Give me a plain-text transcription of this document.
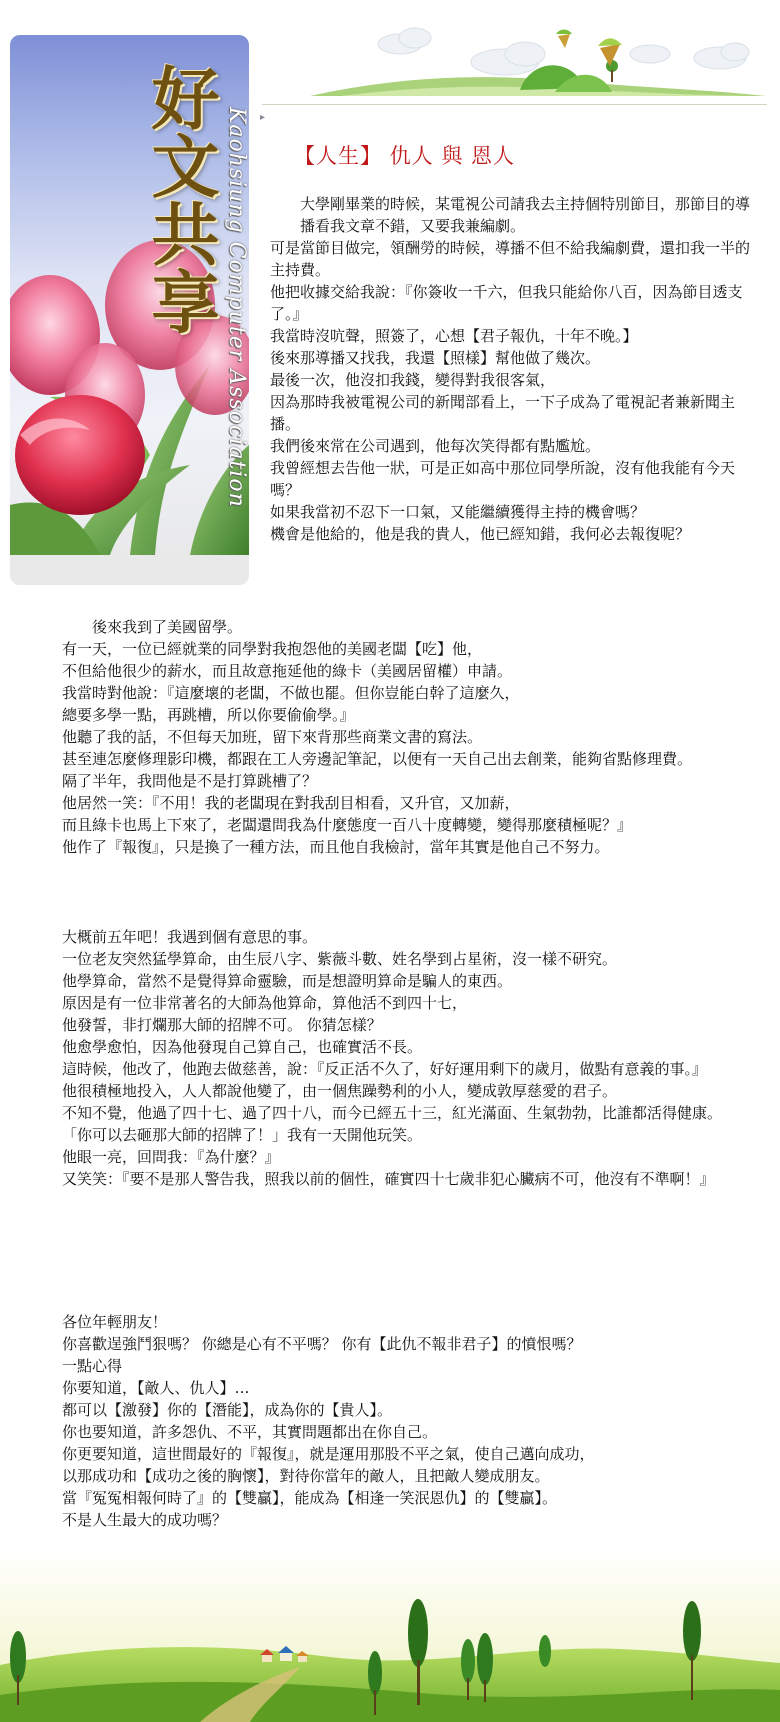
好文共享 Kaohsiung Computer Association ▸
【人生】 仇人 與 恩人

大學剛畢業的時候，某電視公司請我去主持個特別節目，那節目的導播看我文章不錯，又要我兼編劇。

可是當節目做完，領酬勞的時候，導播不但不給我編劇費，還扣我一半的主持費。

他把收據交給我說：『你簽收一千六，但我只能給你八百，因為節目透支了。』

我當時沒吭聲，照簽了，心想【君子報仇，十年不晚。】

後來那導播又找我，我還【照樣】幫他做了幾次。

最後一次，他沒扣我錢，變得對我很客氣，

因為那時我被電視公司的新聞部看上，一下子成為了電視記者兼新聞主播。

我們後來常在公司遇到，他每次笑得都有點尷尬。

我曾經想去告他一狀，可是正如高中那位同學所說，沒有他我能有今天嗎？

如果我當初不忍下一口氣，又能繼續獲得主持的機會嗎？

機會是他給的，他是我的貴人，他已經知錯，我何必去報復呢？

後來我到了美國留學。

有一天，一位已經就業的同學對我抱怨他的美國老闆【吃】他，

不但給他很少的薪水，而且故意拖延他的綠卡（美國居留權）申請。

我當時對他說：『這麼壞的老闆，不做也罷。但你豈能白幹了這麼久，

總要多學一點，再跳槽，所以你要偷偷學。』

他聽了我的話，不但每天加班，留下來背那些商業文書的寫法。

甚至連怎麼修理影印機，都跟在工人旁邊記筆記，以便有一天自己出去創業，能夠省點修理費。

隔了半年，我問他是不是打算跳槽了？

他居然一笑：『不用！我的老闆現在對我刮目相看，又升官，又加薪，

而且綠卡也馬上下來了，老闆還問我為什麼態度一百八十度轉變，變得那麼積極呢？』

他作了『報復』，只是換了一種方法，而且他自我檢討，當年其實是他自己不努力。

大概前五年吧！我遇到個有意思的事。

一位老友突然猛學算命，由生辰八字、紫薇斗數、姓名學到占星術，沒一樣不研究。

他學算命，當然不是覺得算命靈驗，而是想證明算命是騙人的東西。

原因是有一位非常著名的大師為他算命，算他活不到四十七，

他發誓，非打爛那大師的招牌不可。 你猜怎樣？

他愈學愈怕，因為他發現自己算自己，也確實活不長。

這時候，他改了，他跑去做慈善，說：『反正活不久了，好好運用剩下的歲月，做點有意義的事。』

他很積極地投入，人人都說他變了，由一個焦躁勢利的小人，變成敦厚慈愛的君子。

不知不覺，他過了四十七、過了四十八，而今已經五十三，紅光滿面、生氣勃勃，比誰都活得健康。

「你可以去砸那大師的招牌了！」我有一天開他玩笑。

他眼一亮，回問我：『為什麼？』

又笑笑：『要不是那人警告我，照我以前的個性，確實四十七歲非犯心臟病不可，他沒有不準啊！』

各位年輕朋友！

你喜歡逞強鬥狠嗎？ 你總是心有不平嗎？ 你有【此仇不報非君子】的憤恨嗎？

一點心得

你要知道，【敵人、仇人】…

都可以【激發】你的【潛能】，成為你的【貴人】。

你也要知道，許多怨仇、不平，其實問題都出在你自己。

你更要知道，這世間最好的『報復』，就是運用那股不平之氣，使自己邁向成功，

以那成功和【成功之後的胸懷】，對待你當年的敵人，且把敵人變成朋友。

當『冤冤相報何時了』的【雙贏】，能成為【相逢一笑泯恩仇】的【雙贏】。

不是人生最大的成功嗎？
